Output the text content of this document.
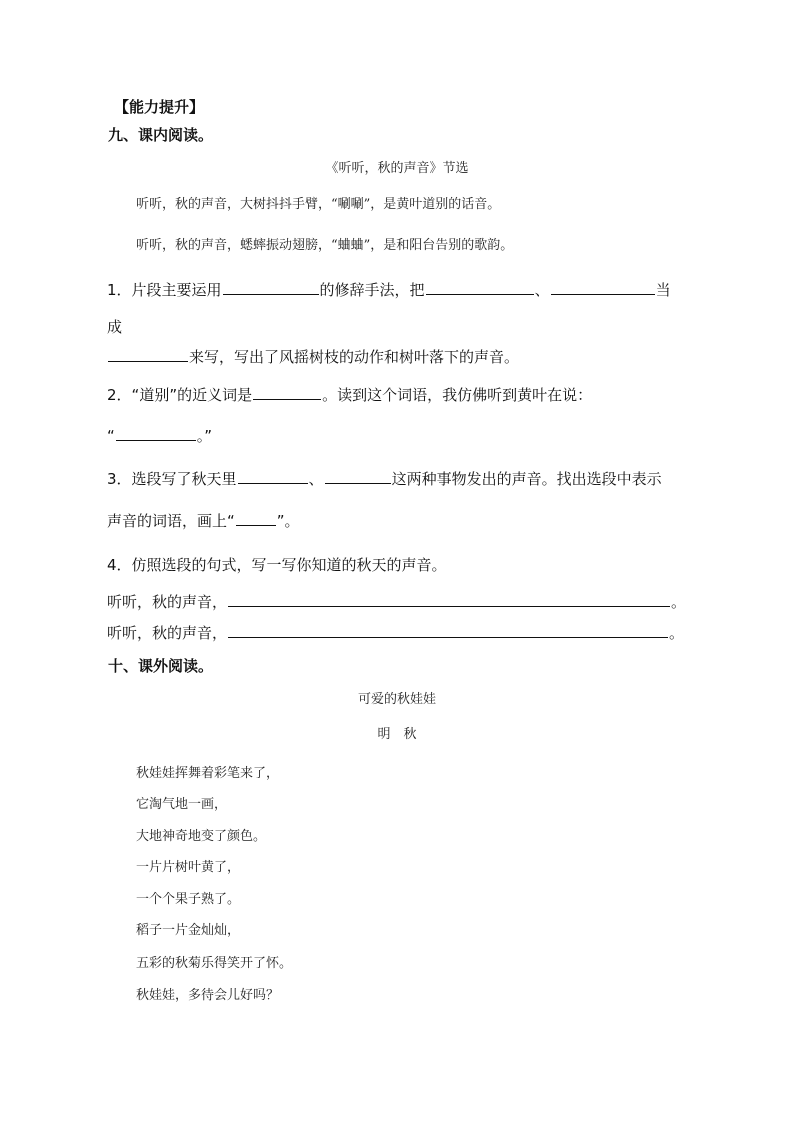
【能力提升】
九、课内阅读。
《听听，秋的声音》节选
听听，秋的声音，大树抖抖手臂，“唰唰”，是黄叶道别的话音。
听听，秋的声音，蟋蟀振动翅膀，“蛐蛐”，是和阳台告别的歌韵。
1．片段主要运用	的修辞手法，把	、	当
成
来写，写出了风摇树枝的动作和树叶落下的声音。
2．“道别”的近义词是	。读到这个词语，我仿佛听到黄叶在说：
“	。”
3．选段写了秋天里	、	这两种事物发出的声音。找出选段中表示
声音的词语，画上“	”。
4．仿照选段的句式，写一写你知道的秋天的声音。
听听，秋的声音，	。
听听，秋的声音，	。
十、课外阅读。
可爱的秋娃娃
明　秋
秋娃娃挥舞着彩笔来了，
它淘气地一画，
大地神奇地变了颜色。
一片片树叶黄了，
一个个果子熟了。
稻子一片金灿灿，
五彩的秋菊乐得笑开了怀。
秋娃娃，多待会儿好吗？
